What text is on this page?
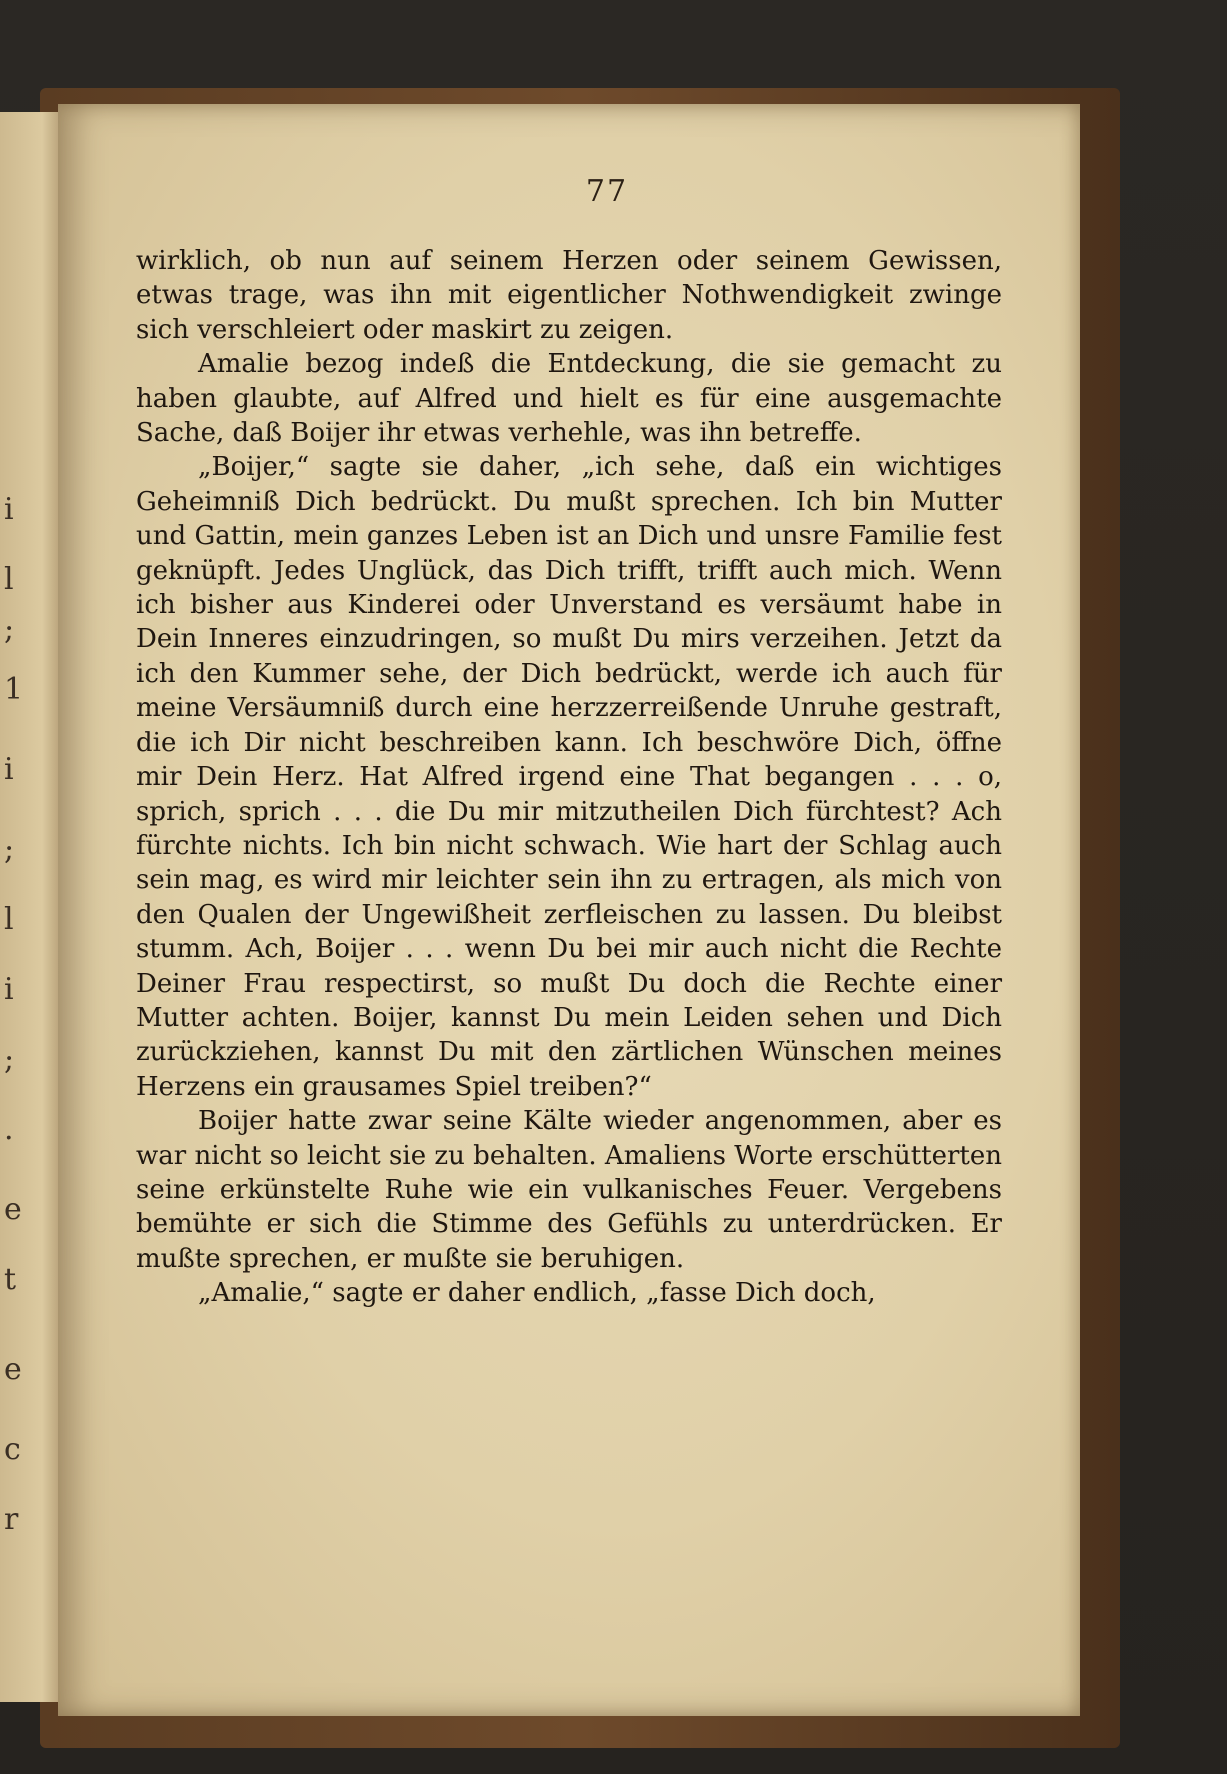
i
l
;
1
i
;
l
i
;
.
e
t
e
c
r
77

wirklich, ob nun auf seinem Herzen oder seinem Gewissen, etwas trage, was ihn mit eigentlicher Nothwendigkeit zwinge sich verschleiert oder maskirt zu zeigen.

Amalie bezog indeß die Entdeckung, die sie gemacht zu haben glaubte, auf Alfred und hielt es für eine ausgemachte Sache, daß Boijer ihr etwas verhehle, was ihn betreffe.

„Boijer,“ sagte sie daher, „ich sehe, daß ein wichtiges Geheimniß Dich bedrückt. Du mußt sprechen. Ich bin Mutter und Gattin, mein ganzes Leben ist an Dich und unsre Familie fest geknüpft. Jedes Unglück, das Dich trifft, trifft auch mich. Wenn ich bisher aus Kinderei oder Unverstand es versäumt habe in Dein Inneres einzudringen, so mußt Du mirs verzeihen. Jetzt da ich den Kummer sehe, der Dich bedrückt, werde ich auch für meine Versäumniß durch eine herzzerreißende Unruhe gestraft, die ich Dir nicht beschreiben kann. Ich beschwöre Dich, öffne mir Dein Herz. Hat Alfred irgend eine That begangen . . . o, sprich, sprich . . . die Du mir mitzutheilen Dich fürchtest? Ach fürchte nichts. Ich bin nicht schwach. Wie hart der Schlag auch sein mag, es wird mir leichter sein ihn zu ertragen, als mich von den Qualen der Ungewißheit zerfleischen zu lassen. Du bleibst stumm. Ach, Boijer . . . wenn Du bei mir auch nicht die Rechte Deiner Frau respectirst, so mußt Du doch die Rechte einer Mutter achten. Boijer, kannst Du mein Leiden sehen und Dich zurückziehen, kannst Du mit den zärtlichen Wünschen meines Herzens ein grausames Spiel treiben?“

Boijer hatte zwar seine Kälte wieder angenommen, aber es war nicht so leicht sie zu behalten. Amaliens Worte erschütterten seine erkünstelte Ruhe wie ein vulkanisches Feuer. Vergebens bemühte er sich die Stimme des Gefühls zu unterdrücken. Er mußte sprechen, er mußte sie beruhigen.

„Amalie,“ sagte er daher endlich, „fasse Dich doch,
